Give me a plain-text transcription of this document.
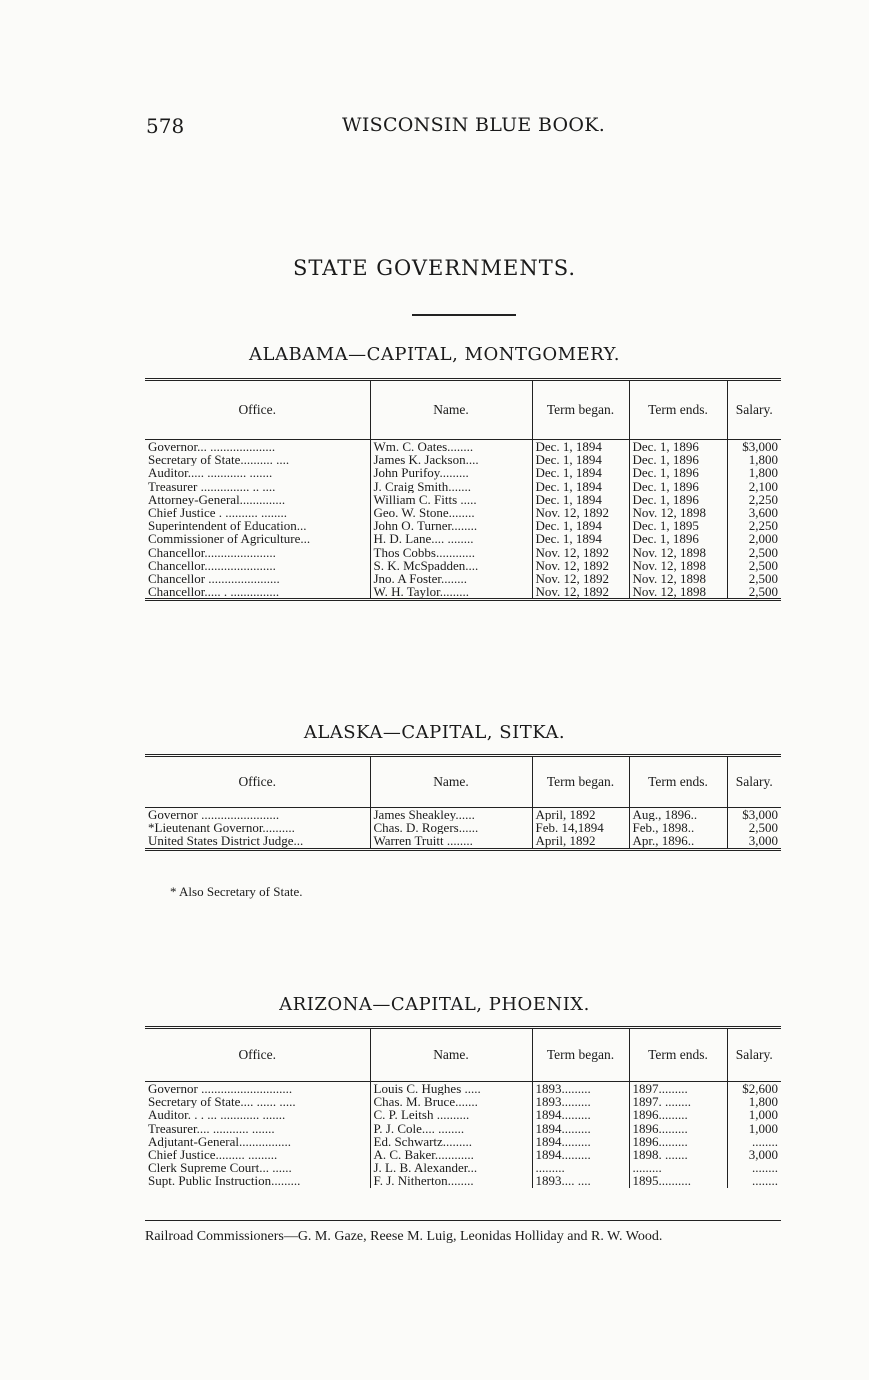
578	WISCONSIN BLUE BOOK.
STATE GOVERNMENTS.
ALABAMA—CAPITAL, MONTGOMERY.
Office.	Name.	Term began.	Term ends.	Salary.
Governor... ....................	Wm. C. Oates........	Dec. 1, 1894	Dec. 1, 1896	$3,000
Secretary of State.......... ....	James K. Jackson....	Dec. 1, 1894	Dec. 1, 1896	1,800
Auditor..... ............ .......	John Purifoy.........	Dec. 1, 1894	Dec. 1, 1896	1,800
Treasurer ............... .. ....	J. Craig Smith.......	Dec. 1, 1894	Dec. 1, 1896	2,100
Attorney-General..............	William C. Fitts .....	Dec. 1, 1894	Dec. 1, 1896	2,250
Chief Justice . .......... ........	Geo. W. Stone........	Nov. 12, 1892	Nov. 12, 1898	3,600
Superintendent of Education...	John O. Turner........	Dec. 1, 1894	Dec. 1, 1895	2,250
Commissioner of Agriculture...	H. D. Lane.... ........	Dec. 1, 1894	Dec. 1, 1896	2,000
Chancellor......................	Thos Cobbs............	Nov. 12, 1892	Nov. 12, 1898	2,500
Chancellor......................	S. K. McSpadden....	Nov. 12, 1892	Nov. 12, 1898	2,500
Chancellor ......................	Jno. A Foster........	Nov. 12, 1892	Nov. 12, 1898	2,500
Chancellor..... . ...............	W. H. Taylor.........	Nov. 12, 1892	Nov. 12, 1898	2,500
ALASKA—CAPITAL, SITKA.
Office.	Name.	Term began.	Term ends.	Salary.
Governor ........................	James Sheakley......	April, 1892	Aug., 1896..	$3,000
*Lieutenant Governor..........	Chas. D. Rogers......	Feb. 14,1894	Feb., 1898..	2,500
United States District Judge...	Warren Truitt ........	April, 1892	Apr., 1896..	3,000
* Also Secretary of State.
ARIZONA—CAPITAL, PHOENIX.
Office.	Name.	Term began.	Term ends.	Salary.
Governor ............................	Louis C. Hughes .....	1893.........	1897.........	$2,600
Secretary of State.... ...... .....	Chas. M. Bruce.......	1893.........	1897. ........	1,800
Auditor. . . ... ............ .......	C. P. Leitsh ..........	1894.........	1896.........	1,000
Treasurer.... ........... .......	P. J. Cole.... ........	1894.........	1896.........	1,000
Adjutant-General................	Ed. Schwartz.........	1894.........	1896.........	........
Chief Justice......... .........	A. C. Baker............	1894.........	1898. .......	3,000
Clerk Supreme Court... ......	J. L. B. Alexander...	.........	.........	........
Supt. Public Instruction.........	F. J. Nitherton........	1893.... ....	1895..........	........
Railroad Commissioners—G. M. Gaze, Reese M. Luig, Leonidas Holliday and R. W. Wood.
